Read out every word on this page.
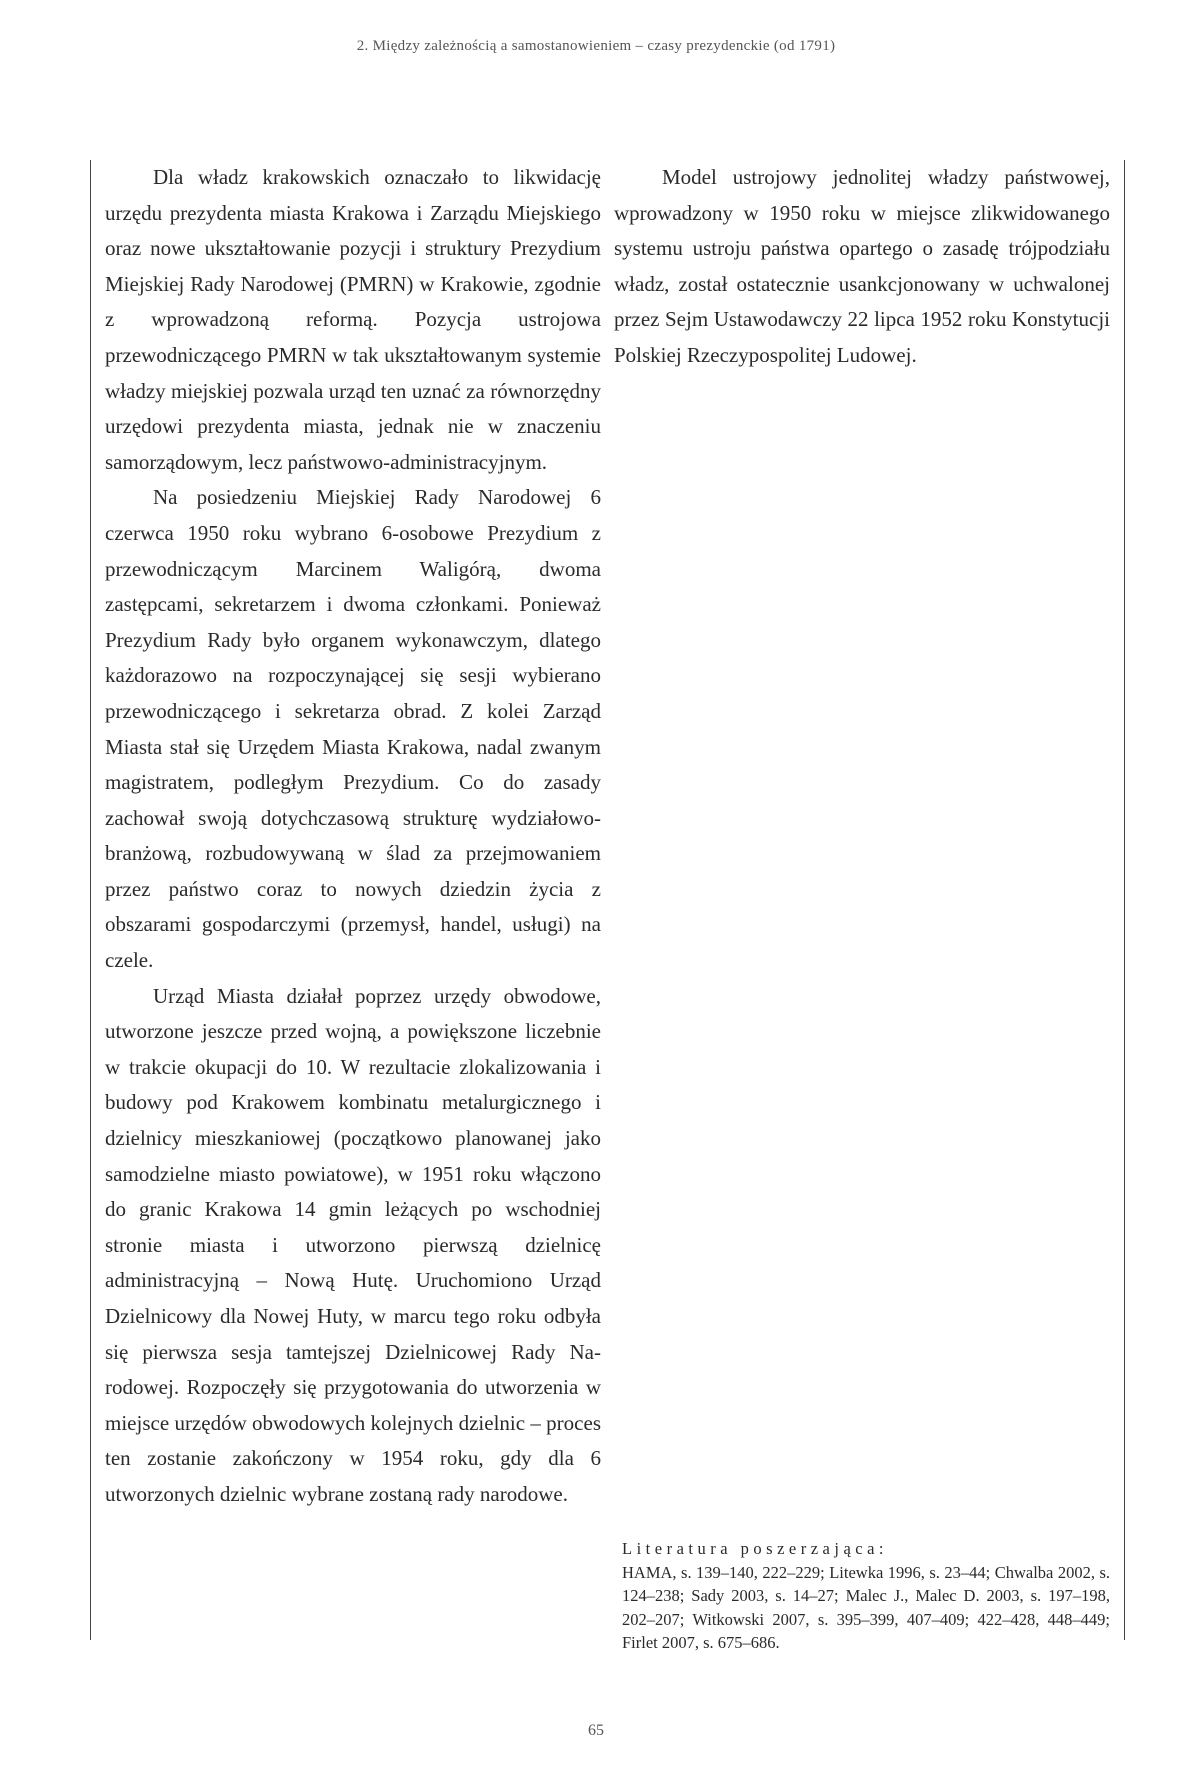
2. Między zależnością a samostanowieniem – czasy prezydenckie (od 1791)

Dla władz krakowskich oznaczało to likwidację urzędu prezydenta miasta Krakowa i Zarządu Miejskiego oraz nowe ukształtowanie pozycji i struktury Prezydium Miejskiej Rady Narodowej (PMRN) w Krakowie, zgodnie z wprowadzoną reformą. Pozycja ustrojowa przewodniczącego PMRN w tak ukształtowanym systemie władzy miejskiej pozwala urząd ten uznać za równorzędny urzędowi prezydenta miasta, jednak nie w znaczeniu samorządowym, lecz państwowo-administracyjnym.

Na posiedzeniu Miejskiej Rady Narodowej 6 czerwca 1950 roku wybrano 6-osobowe Prezydium z przewodniczącym Marcinem Waligórą, dwoma zastępcami, sekretarzem i dwoma członkami. Ponieważ Prezydium Rady było organem wykonawczym, dlatego każdorazowo na rozpoczynającej się sesji wybierano przewodniczącego i sekretarza obrad. Z kolei Zarząd Miasta stał się Urzędem Miasta Krakowa, nadal zwanym magistratem, podległym Prezydium. Co do zasady zachował swoją dotychczasową strukturę wydziałowo-branżową, rozbudowywaną w ślad za przejmowaniem przez państwo coraz to nowych dziedzin życia z obszarami gospodarczymi (przemysł, handel, usługi) na czele.

Urząd Miasta działał poprzez urzędy obwodowe, utworzone jeszcze przed wojną, a powiększone liczebnie w trakcie okupacji do 10. W rezultacie zlokalizowania i budowy pod Krakowem kombinatu metalurgicznego i dzielnicy mieszkaniowej (początkowo planowanej jako samodzielne miasto powiatowe), w 1951 roku włączono do granic Krakowa 14 gmin leżących po wschodniej stronie miasta i utworzono pierwszą dzielnicę administracyjną – Nową Hutę. Uruchomiono Urząd Dzielnicowy dla Nowej Huty, w marcu tego roku odbyła się pierwsza sesja tamtejszej Dzielnicowej Rady Narodowej. Rozpoczęły się przygotowania do utworzenia w miejsce urzędów obwodowych kolejnych dzielnic – proces ten zostanie zakończony w 1954 roku, gdy dla 6 utworzonych dzielnic wybrane zostaną rady narodowe.

Model ustrojowy jednolitej władzy państwowej, wprowadzony w 1950 roku w miejsce zlikwidowanego systemu ustroju państwa opartego o zasadę trójpodziału władz, został ostatecznie usankcjonowany w uchwalonej przez Sejm Ustawodawczy 22 lipca 1952 roku Konstytucji Polskiej Rzeczypospolitej Ludowej.

Literatura poszerzająca:
HAMA, s. 139–140, 222–229; Litewka 1996, s. 23–44; Chwalba 2002, s. 124–238; Sady 2003, s. 14–27; Malec J., Malec D. 2003, s. 197–198, 202–207; Witkowski 2007, s. 395–399, 407–409; 422–428, 448–449; Firlet 2007, s. 675–686.
65
